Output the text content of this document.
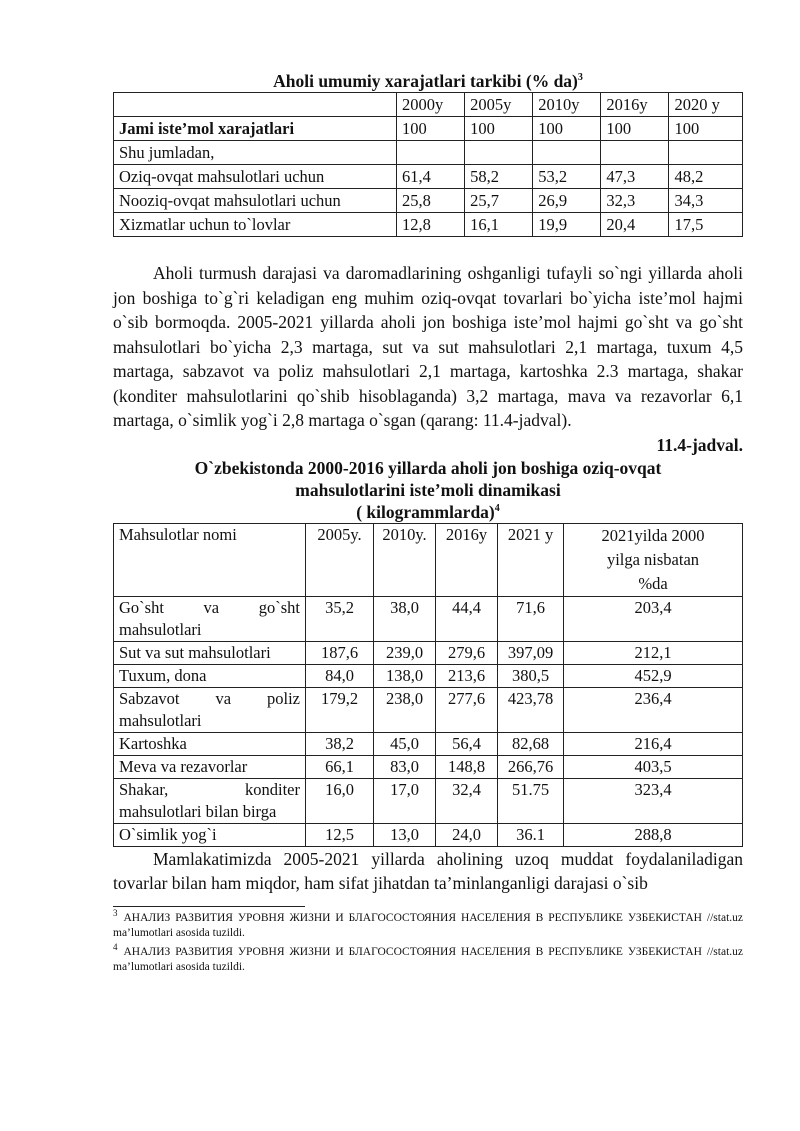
Aholi umumiy xarajatlari tarkibi (% da)$^3$
	2000y	2005y	2010y	2016y	2020 y
Jami iste’mol xarajatlari	100	100	100	100	100
Shu jumladan,					
Oziq-ovqat mahsulotlari uchun	61,4	58,2	53,2	47,3	48,2
Nooziq-ovqat mahsulotlari uchun	25,8	25,7	26,9	32,3	34,3
Xizmatlar uchun to`lovlar	12,8	16,1	19,9	20,4	17,5

Aholi turmush darajasi va daromadlarining oshganligi tufayli so`ngi yillarda aholi jon boshiga to`g`ri keladigan eng muhim oziq-ovqat tovarlari bo`yicha iste’mol hajmi o`sib bormoqda. 2005-2021 yillarda aholi jon boshiga iste’mol hajmi go`sht va go`sht mahsulotlari bo`yicha 2,3 martaga, sut va sut mahsulotlari 2,1 martaga, tuxum 4,5 martaga, sabzavot va poliz mahsulotlari 2,1 martaga, kartoshka 2.3 martaga, shakar (konditer mahsulotlarini qo`shib hisoblaganda) 3,2 martaga, mava va rezavorlar 6,1 martaga, o`simlik yog`i 2,8 martaga o`sgan (qarang: 11.4-jadval).

11.4-jadval.
O`zbekistonda 2000-2016 yillarda aholi jon boshiga oziq-ovqat
mahsulotlarini iste’moli dinamikasi
( kilogrammlarda)$^4$
Mahsulotlar nomi	2005y.	2010y.	2016y	2021 y	2021yilda 2000 yilga nisbatan %da
Go`sht va go`sht mahsulotlari	35,2	38,0	44,4	71,6	203,4
Sut va sut mahsulotlari	187,6	239,0	279,6	397,09	212,1
Tuxum, dona	84,0	138,0	213,6	380,5	452,9
Sabzavot va poliz mahsulotlari	179,2	238,0	277,6	423,78	236,4
Kartoshka	38,2	45,0	56,4	82,68	216,4
Meva va rezavorlar	66,1	83,0	148,8	266,76	403,5
Shakar, konditer mahsulotlari bilan birga	16,0	17,0	32,4	51.75	323,4
O`simlik yog`i	12,5	13,0	24,0	36.1	288,8

Mamlakatimizda 2005-2021 yillarda aholining uzoq muddat foydalaniladigan tovarlar bilan ham miqdor, ham sifat jihatdan ta’minlanganligi darajasi o`sib

$^3$ АНАЛИЗ РАЗВИТИЯ УРОВНЯ ЖИЗНИ И БЛАГОСОСТОЯНИЯ НАСЕЛЕНИЯ В РЕСПУБЛИКЕ УЗБЕКИСТАН //stat.uz ma’lumotlari asosida tuzildi.

$^4$ АНАЛИЗ РАЗВИТИЯ УРОВНЯ ЖИЗНИ И БЛАГОСОСТОЯНИЯ НАСЕЛЕНИЯ В РЕСПУБЛИКЕ УЗБЕКИСТАН //stat.uz ma’lumotlari asosida tuzildi.
